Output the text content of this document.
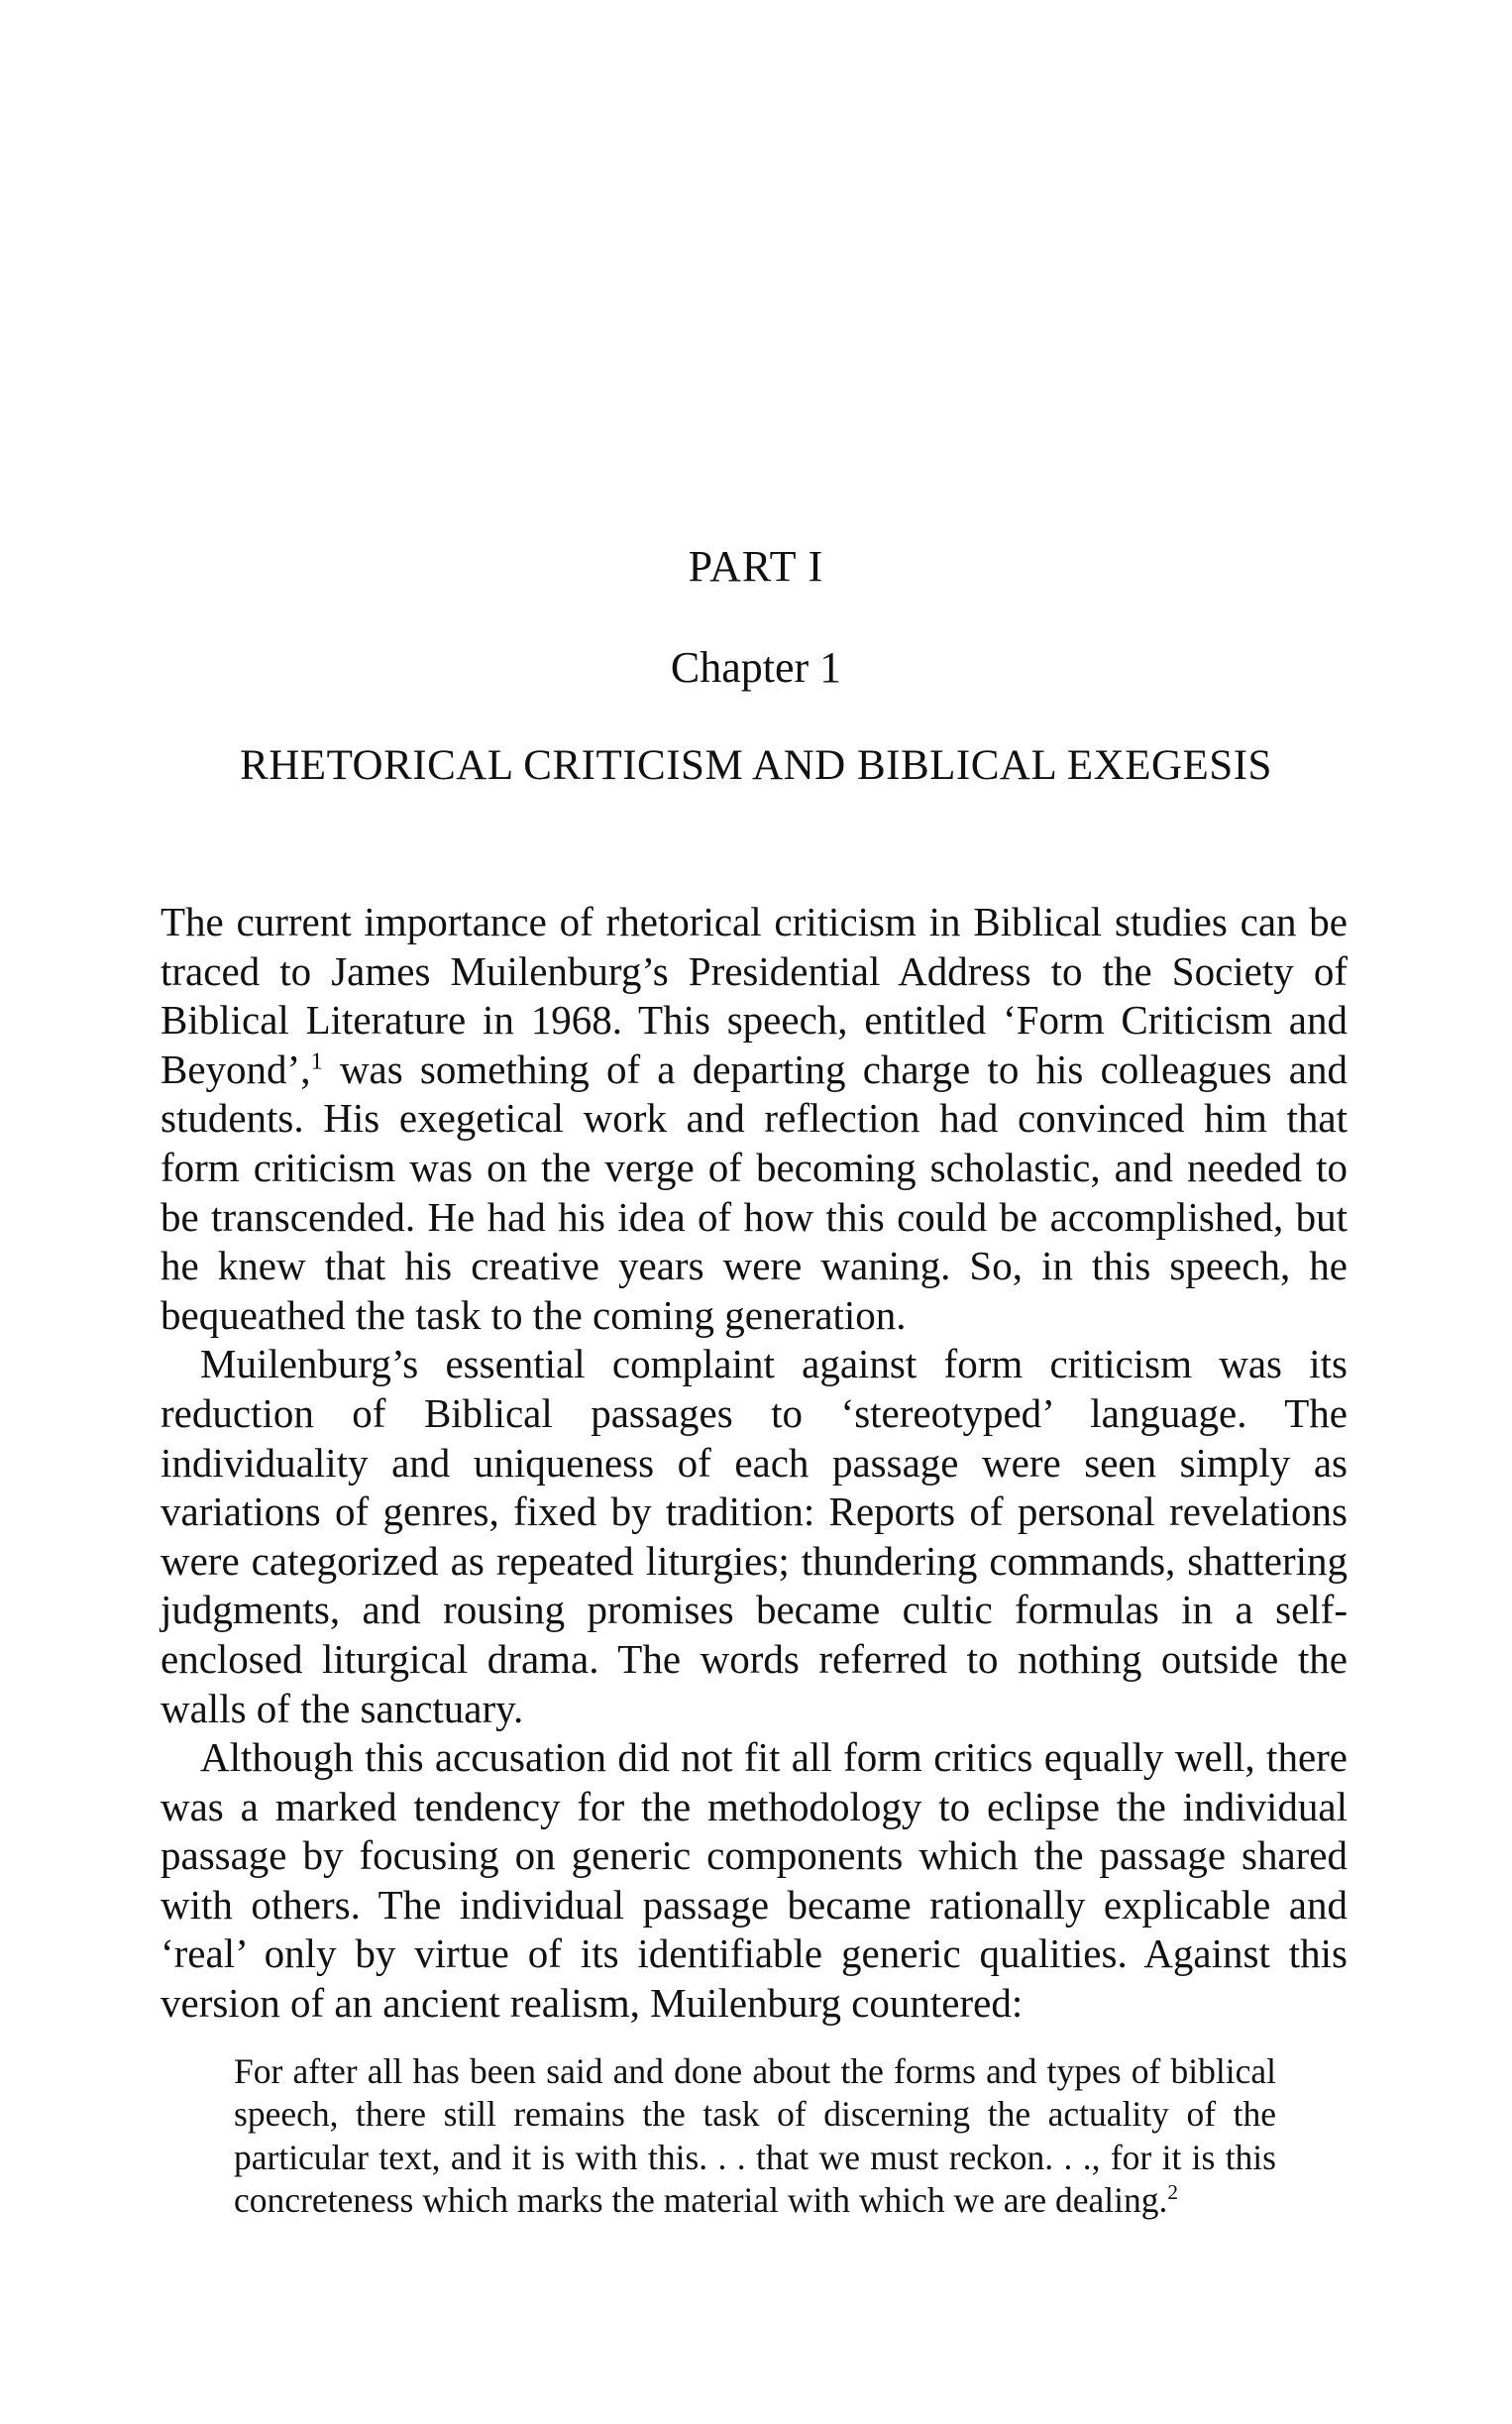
PART I
Chapter 1
RHETORICAL CRITICISM AND BIBLICAL EXEGESIS

The current importance of rhetorical criticism in Biblical studies can be traced to James Muilenburg’s Presidential Address to the Society of Biblical Literature in 1968. This speech, entitled ‘Form Criticism and Beyond’,$^1$ was something of a departing charge to his colleagues and students. His exegetical work and reflection had convinced him that form criticism was on the verge of becoming scholastic, and needed to be transcended. He had his idea of how this could be accomplished, but he knew that his creative years were waning. So, in this speech, he bequeathed the task to the coming generation.

Muilenburg’s essential complaint against form criticism was its reduction of Biblical passages to ‘stereotyped’ language. The individuality and uniqueness of each passage were seen simply as variations of genres, fixed by tradition: Reports of personal revelations were categorized as repeated liturgies; thundering commands, shattering judgments, and rousing promises became cultic formulas in a self-enclosed liturgical drama. The words referred to nothing outside the walls of the sanctuary.

Although this accusation did not fit all form critics equally well, there was a marked tendency for the methodology to eclipse the individual passage by focusing on generic components which the passage shared with others. The individual passage became rationally explicable and ‘real’ only by virtue of its identifiable generic qualities. Against this version of an ancient realism, Muilenburg countered:

For after all has been said and done about the forms and types of biblical speech, there still remains the task of discerning the actuality of the particular text, and it is with this. . . that we must reckon. . ., for it is this concreteness which marks the material with which we are dealing.$^2$
